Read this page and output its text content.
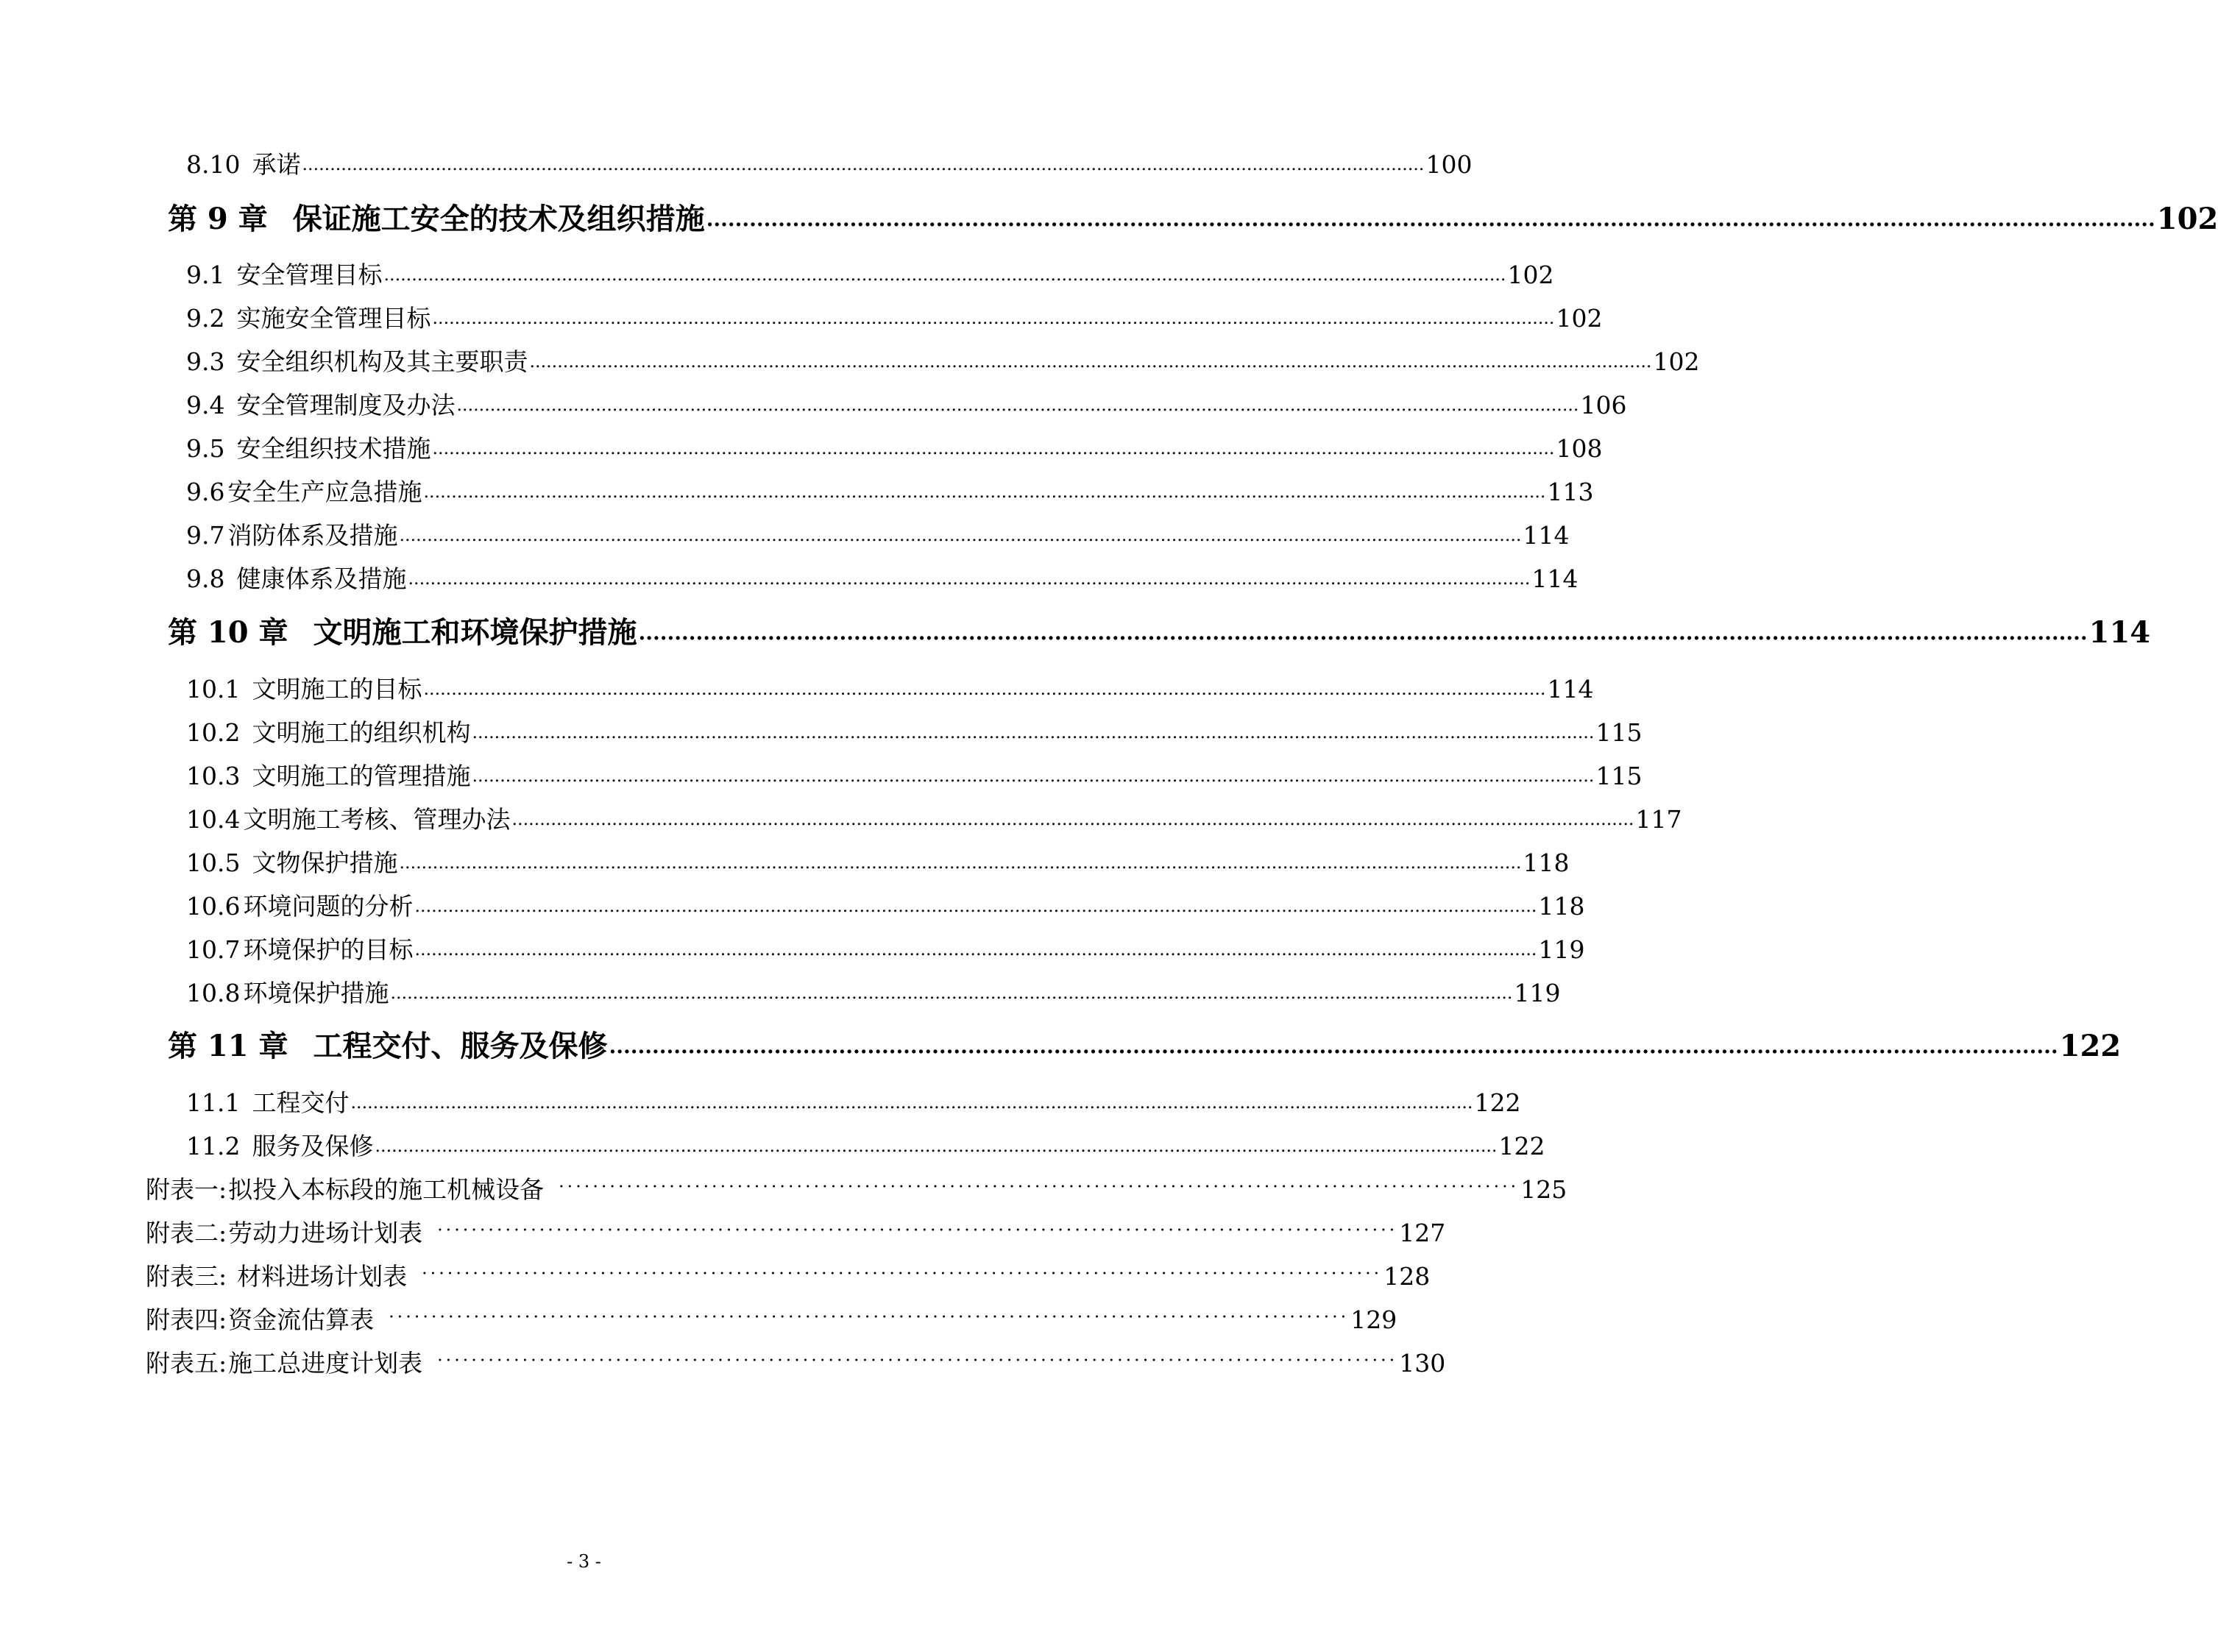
8.10 承诺 .......................................................................................................................................................................................................... 100
第 9 章 保证施工安全的技术及组织措施 .......................................................................................................................................................................................................... 102
9.1 安全管理目标 .......................................................................................................................................................................................................... 102
9.2 实施安全管理目标 .......................................................................................................................................................................................................... 102
9.3 安全组织机构及其主要职责 .......................................................................................................................................................................................................... 102
9.4 安全管理制度及办法 .......................................................................................................................................................................................................... 106
9.5 安全组织技术措施 .......................................................................................................................................................................................................... 108
9.6 安全生产应急措施 .......................................................................................................................................................................................................... 113
9.7 消防体系及措施 .......................................................................................................................................................................................................... 114
9.8 健康体系及措施 .......................................................................................................................................................................................................... 114
第 10 章 文明施工和环境保护措施 .......................................................................................................................................................................................................... 114
10.1 文明施工的目标 .......................................................................................................................................................................................................... 114
10.2 文明施工的组织机构 .......................................................................................................................................................................................................... 115
10.3 文明施工的管理措施 .......................................................................................................................................................................................................... 115
10.4 文明施工考核、管理办法 .......................................................................................................................................................................................................... 117
10.5 文物保护措施 .......................................................................................................................................................................................................... 118
10.6 环境问题的分析 .......................................................................................................................................................................................................... 118
10.7 环境保护的目标 .......................................................................................................................................................................................................... 119
10.8 环境保护措施 .......................................................................................................................................................................................................... 119
第 11 章 工程交付、服务及保修 .......................................................................................................................................................................................................... 122
11.1 工程交付 .......................................................................................................................................................................................................... 122
11.2 服务及保修 .......................................................................................................................................................................................................... 122
附表一: 拟投入本标段的施工机械设备 ················································································································· 125
附表二: 劳动力进场计划表 ················································································································· 127
附表三: 材料进场计划表 ················································································································· 128
附表四: 资金流估算表 ················································································································· 129
附表五: 施工总进度计划表 ················································································································· 130
- 3 -
